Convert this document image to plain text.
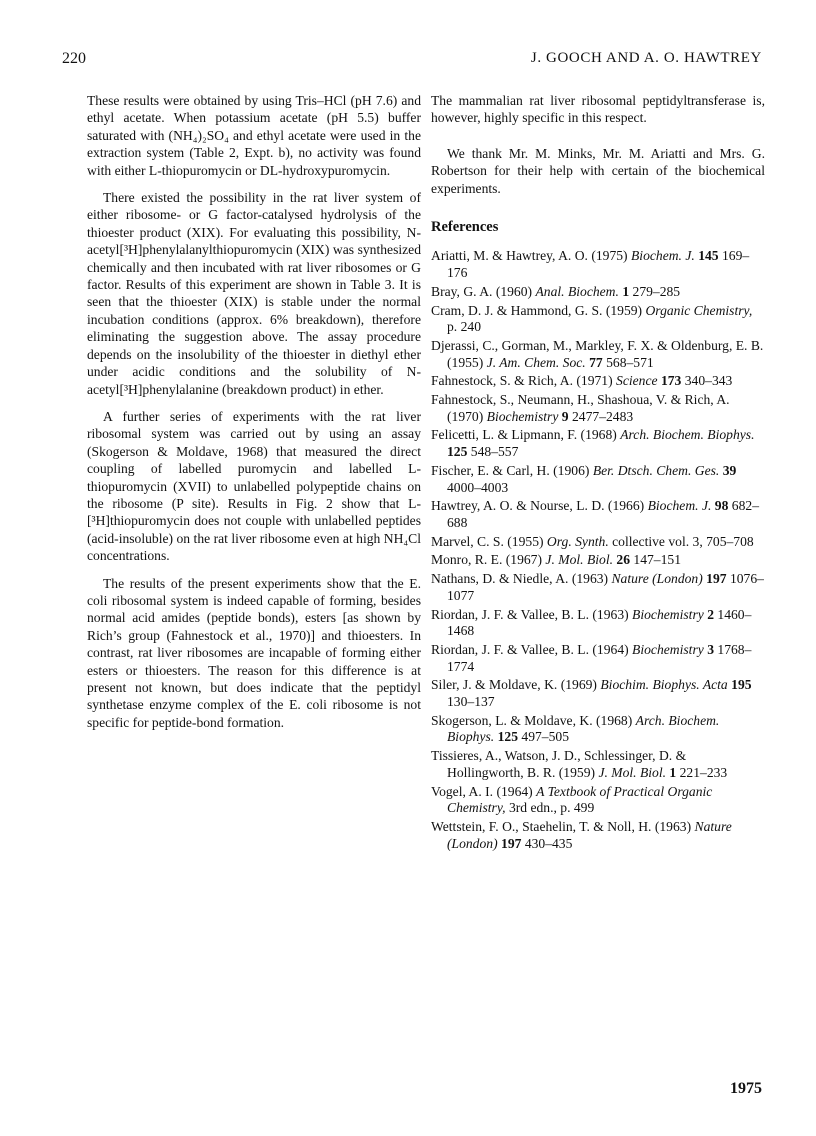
220	J. GOOCH AND A. O. HAWTREY

These results were obtained by using Tris–HCl (pH 7.6) and ethyl acetate. When potassium acetate (pH 5.5) buffer saturated with (NH₄)₂SO₄ and ethyl acetate were used in the extraction system (Table 2, Expt. b), no activity was found with either L-thiopuromycin or DL-hydroxypuromycin.

There existed the possibility in the rat liver system of either ribosome- or G factor-catalysed hydrolysis of the thioester product (XIX). For evaluating this possibility, N-acetyl[³H]phenylalanylthiopuromycin (XIX) was synthesized chemically and then incubated with rat liver ribosomes or G factor. Results of this experiment are shown in Table 3. It is seen that the thioester (XIX) is stable under the normal incubation conditions (approx. 6% breakdown), therefore eliminating the suggestion above. The assay procedure depends on the insolubility of the thioester in diethyl ether under acidic conditions and the solubility of N-acetyl[³H]phenylalanine (breakdown product) in ether.

A further series of experiments with the rat liver ribosomal system was carried out by using an assay (Skogerson & Moldave, 1968) that measured the direct coupling of labelled puromycin and labelled L-thiopuromycin (XVII) to unlabelled polypeptide chains on the ribosome (P site). Results in Fig. 2 show that L-[³H]thiopuromycin does not couple with unlabelled peptides (acid-insoluble) on the rat liver ribosome even at high NH₄Cl concentrations.

The results of the present experiments show that the E. coli ribosomal system is indeed capable of forming, besides normal acid amides (peptide bonds), esters [as shown by Rich’s group (Fahnestock et al., 1970)] and thioesters. In contrast, rat liver ribosomes are incapable of forming either esters or thioesters. The reason for this difference is at present not known, but does indicate that the peptidyl synthetase enzyme complex of the E. coli ribosome is not specific for peptide-bond formation.

The mammalian rat liver ribosomal peptidyltransferase is, however, highly specific in this respect.

We thank Mr. M. Minks, Mr. M. Ariatti and Mrs. G. Robertson for their help with certain of the biochemical experiments.

References
Ariatti, M. & Hawtrey, A. O. (1975) Biochem. J. 145 169–176
Bray, G. A. (1960) Anal. Biochem. 1 279–285
Cram, D. J. & Hammond, G. S. (1959) Organic Chemistry, p. 240
Djerassi, C., Gorman, M., Markley, F. X. & Oldenburg, E. B. (1955) J. Am. Chem. Soc. 77 568–571
Fahnestock, S. & Rich, A. (1971) Science 173 340–343
Fahnestock, S., Neumann, H., Shashoua, V. & Rich, A. (1970) Biochemistry 9 2477–2483
Felicetti, L. & Lipmann, F. (1968) Arch. Biochem. Biophys. 125 548–557
Fischer, E. & Carl, H. (1906) Ber. Dtsch. Chem. Ges. 39 4000–4003
Hawtrey, A. O. & Nourse, L. D. (1966) Biochem. J. 98 682–688
Marvel, C. S. (1955) Org. Synth. collective vol. 3, 705–708
Monro, R. E. (1967) J. Mol. Biol. 26 147–151
Nathans, D. & Niedle, A. (1963) Nature (London) 197 1076–1077
Riordan, J. F. & Vallee, B. L. (1963) Biochemistry 2 1460–1468
Riordan, J. F. & Vallee, B. L. (1964) Biochemistry 3 1768–1774
Siler, J. & Moldave, K. (1969) Biochim. Biophys. Acta 195 130–137
Skogerson, L. & Moldave, K. (1968) Arch. Biochem. Biophys. 125 497–505
Tissieres, A., Watson, J. D., Schlessinger, D. & Hollingworth, B. R. (1959) J. Mol. Biol. 1 221–233
Vogel, A. I. (1964) A Textbook of Practical Organic Chemistry, 3rd edn., p. 499
Wettstein, F. O., Staehelin, T. & Noll, H. (1963) Nature (London) 197 430–435
1975
